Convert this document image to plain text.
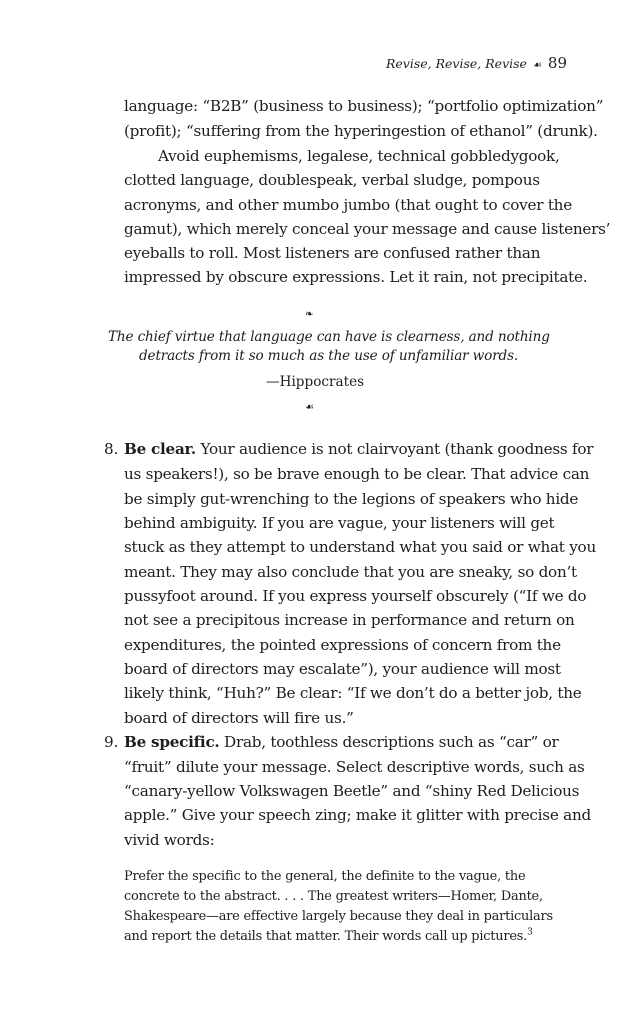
Revise, Revise, Revise ☙ 89
language: “B2B” (business to business); “portfolio optimization”
(profit); “suffering from the hyperingestion of ethanol” (drunk).
Avoid euphemisms, legalese, technical gobbledygook,
clotted language, doublespeak, verbal sludge, pompous
acronyms, and other mumbo jumbo (that ought to cover the
gamut), which merely conceal your message and cause listeners’
eyeballs to roll. Most listeners are confused rather than
impressed by obscure expressions. Let it rain, not precipitate.
❧
The chief virtue that language can have is clearness, and nothing
detracts from it so much as the use of unfamiliar words.
—Hippocrates
☙
8. Be clear. Your audience is not clairvoyant (thank goodness for
us speakers!), so be brave enough to be clear. That advice can
be simply gut-wrenching to the legions of speakers who hide
behind ambiguity. If you are vague, your listeners will get
stuck as they attempt to understand what you said or what you
meant. They may also conclude that you are sneaky, so don’t
pussyfoot around. If you express yourself obscurely (“If we do
not see a precipitous increase in performance and return on
expenditures, the pointed expressions of concern from the
board of directors may escalate”), your audience will most
likely think, “Huh?” Be clear: “If we don’t do a better job, the
board of directors will fire us.”
9. Be specific. Drab, toothless descriptions such as “car” or
“fruit” dilute your message. Select descriptive words, such as
“canary-yellow Volkswagen Beetle” and “shiny Red Delicious
apple.” Give your speech zing; make it glitter with precise and
vivid words:
Prefer the specific to the general, the definite to the vague, the
concrete to the abstract. . . . The greatest writers—Homer, Dante,
Shakespeare—are effective largely because they deal in particulars
and report the details that matter. Their words call up pictures.$^3$
